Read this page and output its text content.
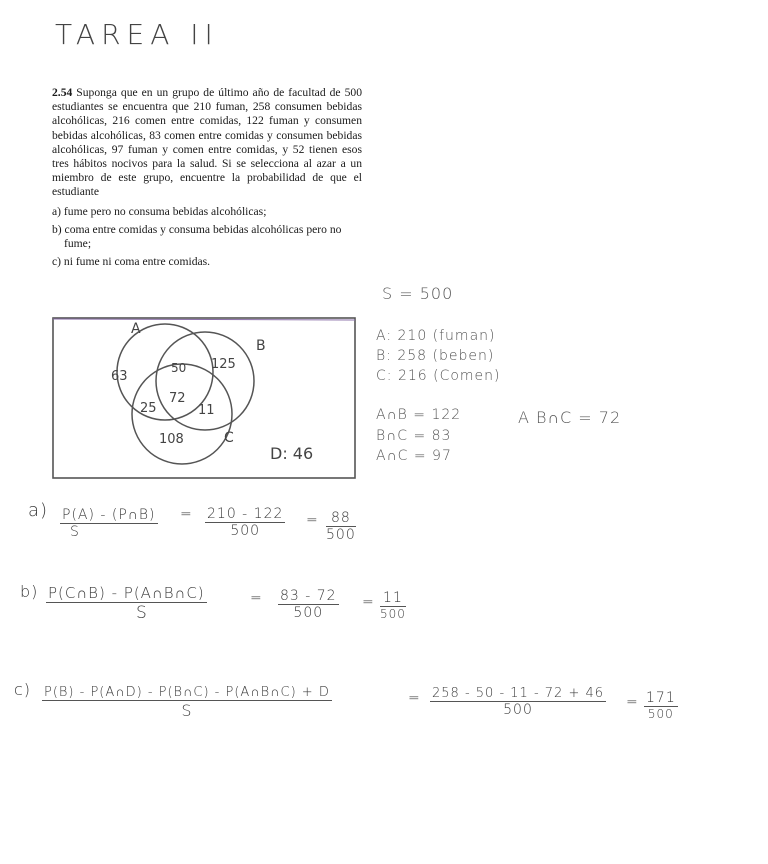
TAREA II

2.54 Suponga que en un grupo de último año de facultad de 500 estudiantes se encuentra que 210 fuman, 258 consumen bebidas alcohólicas, 216 comen entre comidas, 122 fuman y consumen bebidas alcohólicas, 83 comen entre comidas y consumen bebidas alcohólicas, 97 fuman y comen entre comidas, y 52 tienen esos tres hábitos nocivos para la salud. Si se selecciona al azar a un miembro de este grupo, encuentre la probabilidad de que el estudiante

a) fume pero no consuma bebidas alcohólicas;
b) coma entre comidas y consuma bebidas alcohólicas pero no fume;
c) ni fume ni coma entre comidas.
S = 500
A: 210 (fuman)
B: 258 (beben)
C: 216 (Comen)
A∩B = 122
B∩C = 83
A∩C = 97
A B∩C = 72
A
B
C
63
50 125
25
72
11
108
D: 46
$a) \frac{P(A) - (P\cap B)}{S} = \frac{210 - 122}{500} = \frac{88}{500}$
$b) \frac{P(C\cap B) - P(A\cap B\cap C)}{S}$	= $\frac{83 - 72}{500} = \frac{11}{500}$
c) P(B) - P(A∩D) - P(B∩C) - P(A∩B∩C) + D
S
= $\frac{258 - 50 - 11 - 72 + 46}{500} = \frac{171}{500}$
